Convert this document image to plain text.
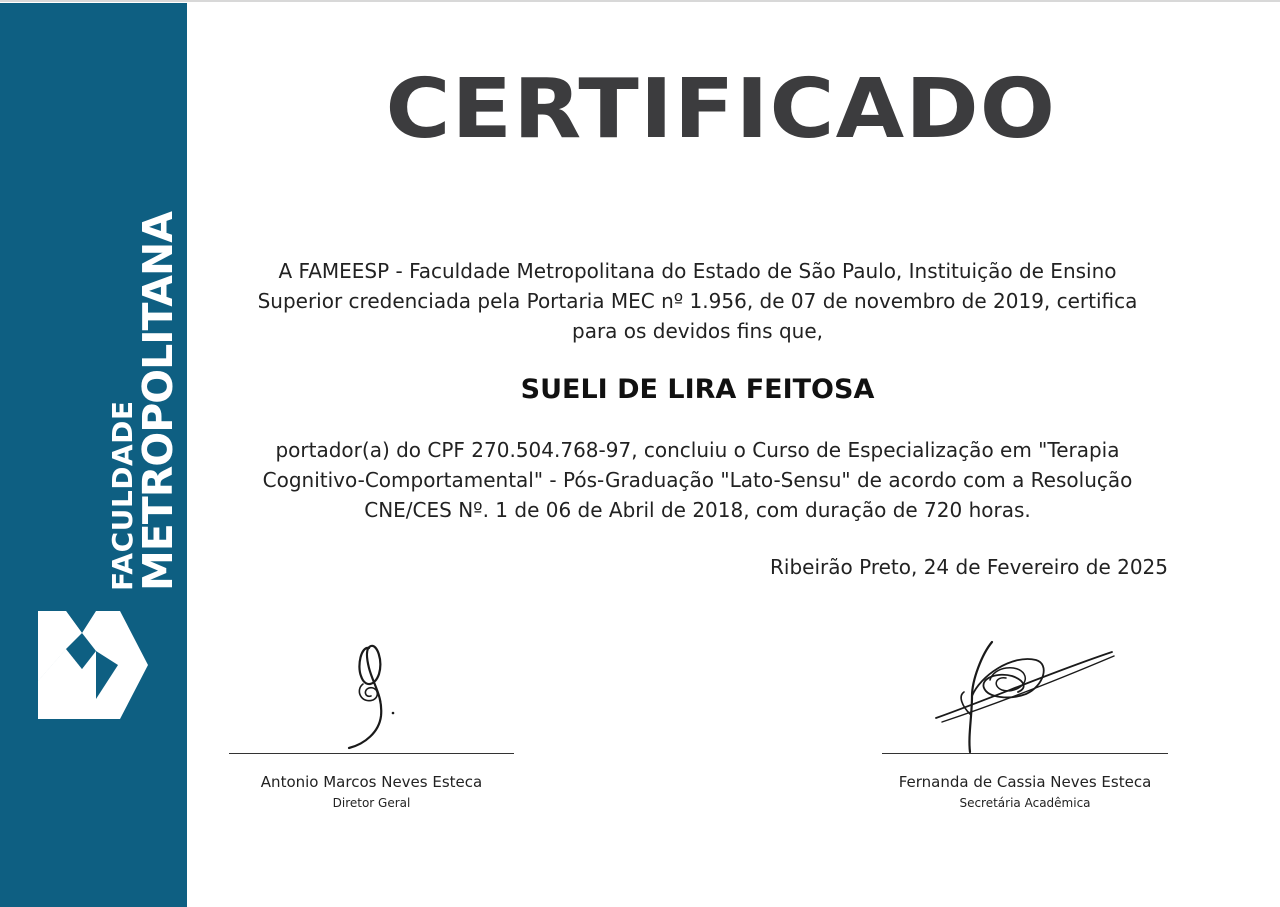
FACULDADE
METROPOLITANA
CERTIFICADO
A FAMEESP - Faculdade Metropolitana do Estado de São Paulo, Instituição de Ensino
Superior credenciada pela Portaria MEC nº 1.956, de 07 de novembro de 2019, certifica
para os devidos fins que,
SUELI DE LIRA FEITOSA
portador(a) do CPF 270.504.768-97, concluiu o Curso de Especialização em "Terapia
Cognitivo-Comportamental" - Pós-Graduação "Lato-Sensu" de acordo com a Resolução
CNE/CES Nº. 1 de 06 de Abril de 2018, com duração de 720 horas.
Ribeirão Preto, 24 de Fevereiro de 2025
Antonio Marcos Neves Esteca
Diretor Geral
Fernanda de Cassia Neves Esteca
Secretária Acadêmica
